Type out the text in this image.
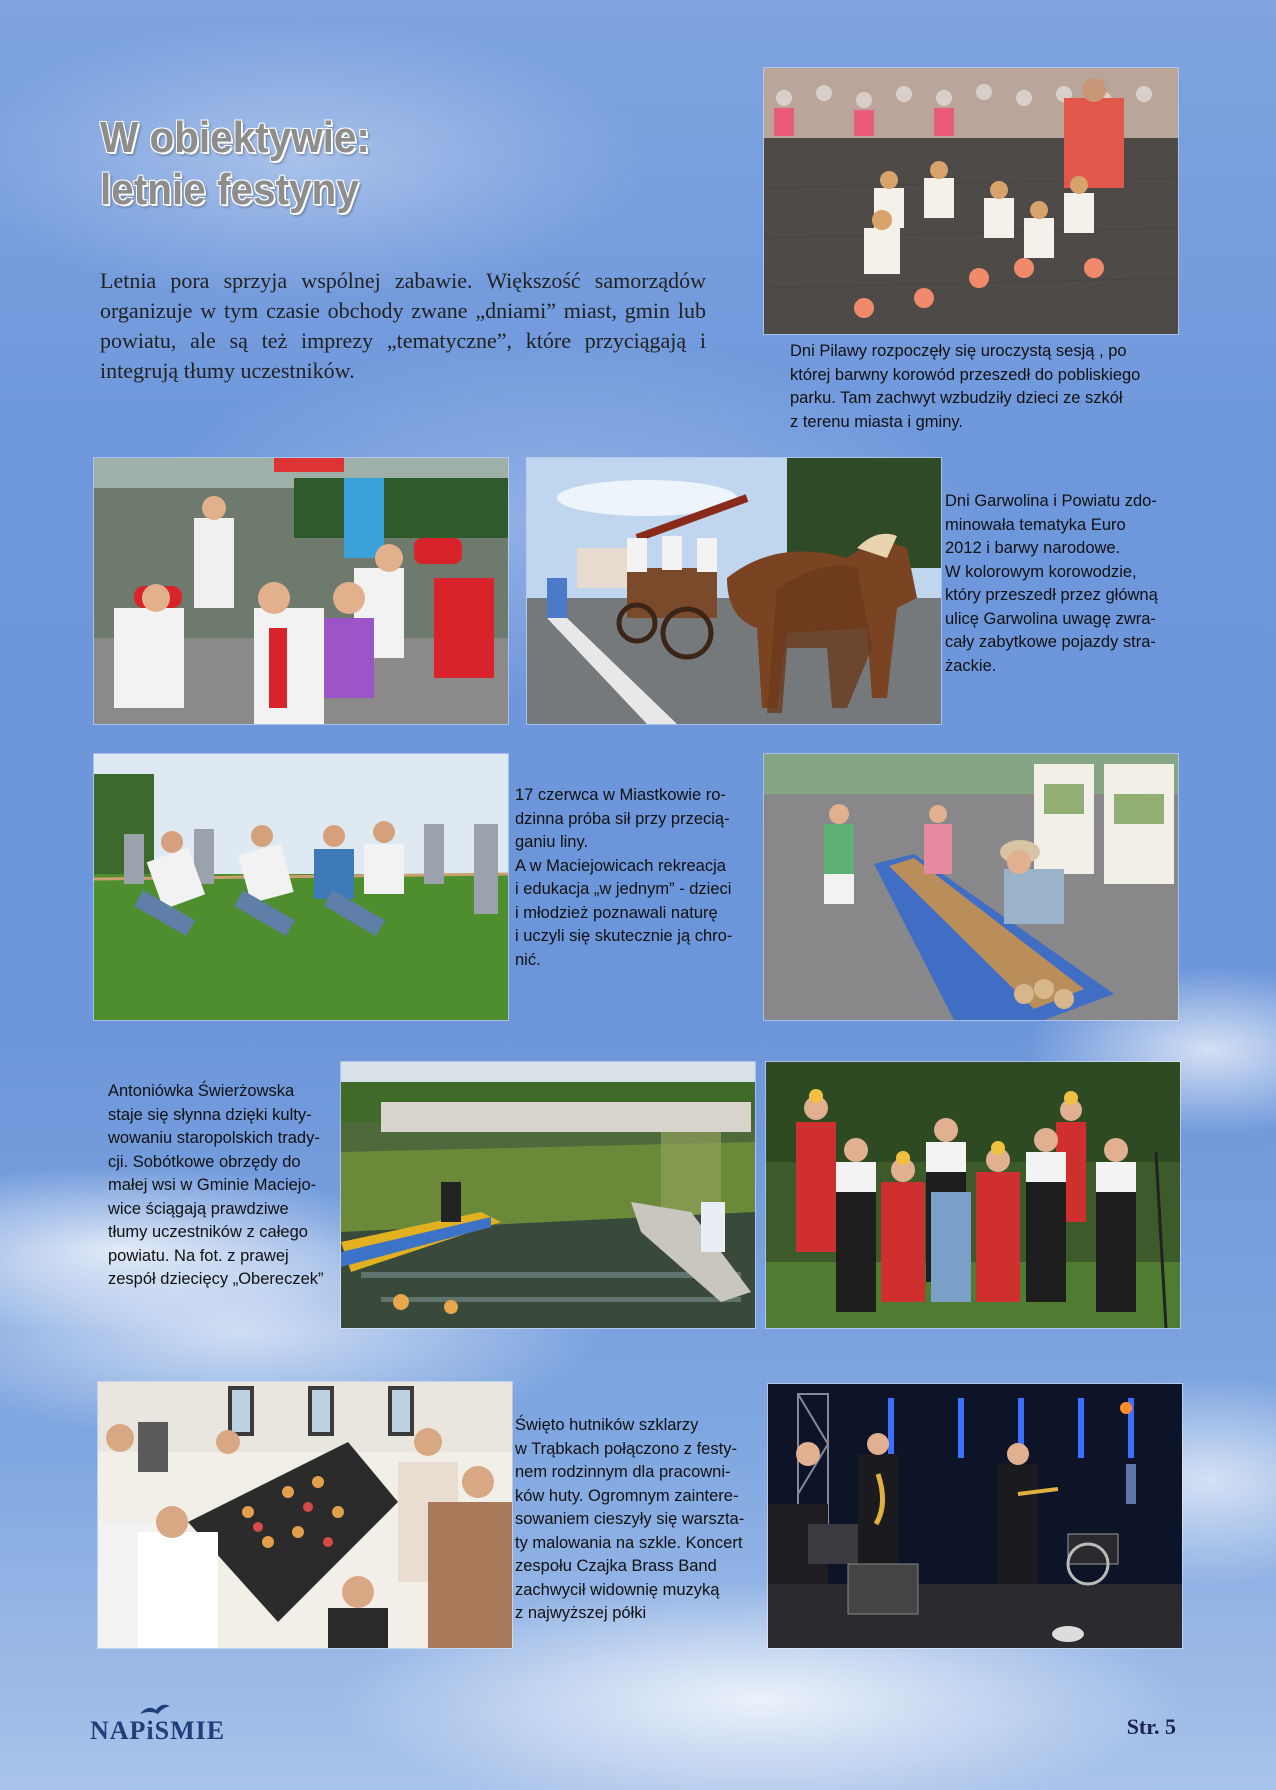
W obiektywie:
letnie festyny

Letnia pora sprzyja wspólnej zabawie. Większość samorządów organizuje w tym czasie obchody zwane „dniami” miast, gmin lub powiatu, ale są też imprezy „tematyczne”, które przyciągają i integrują tłumy uczestników.

Dni Pilawy rozpoczęły się uroczystą sesją , po
której barwny korowód przeszedł do pobliskiego
parku. Tam zachwyt wzbudziły dzieci ze szkół
z terenu miasta i gminy.

Dni Garwolina i Powiatu zdo-
minowała tematyka Euro
2012 i barwy narodowe.
W kolorowym korowodzie,
który przeszedł przez główną
ulicę Garwolina uwagę zwra-
cały zabytkowe pojazdy stra-
żackie.

17 czerwca w Miastkowie ro-
dzinna próba sił przy przecią-
ganiu liny.
A w Maciejowicach rekreacja
i edukacja „w jednym” - dzieci
i młodzież poznawali naturę
i uczyli się skutecznie ją chro-
nić.

Antoniówka Świerżowska
staje się słynna dzięki kulty-
wowaniu staropolskich trady-
cji. Sobótkowe obrzędy do
małej wsi w Gminie Maciejo-
wice ściągają prawdziwe
tłumy uczestników z całego
powiatu. Na fot. z prawej
zespół dziecięcy „Obereczek”

Święto hutników szklarzy
w Trąbkach połączono z festy-
nem rodzinnym dla pracowni-
ków huty. Ogromnym zaintere-
sowaniem cieszyły się warszta-
ty malowania na szkle. Koncert
zespołu Czajka Brass Band
zachwycił widownię muzyką
z najwyższej półki

NAPiSMIE	Str. 5
